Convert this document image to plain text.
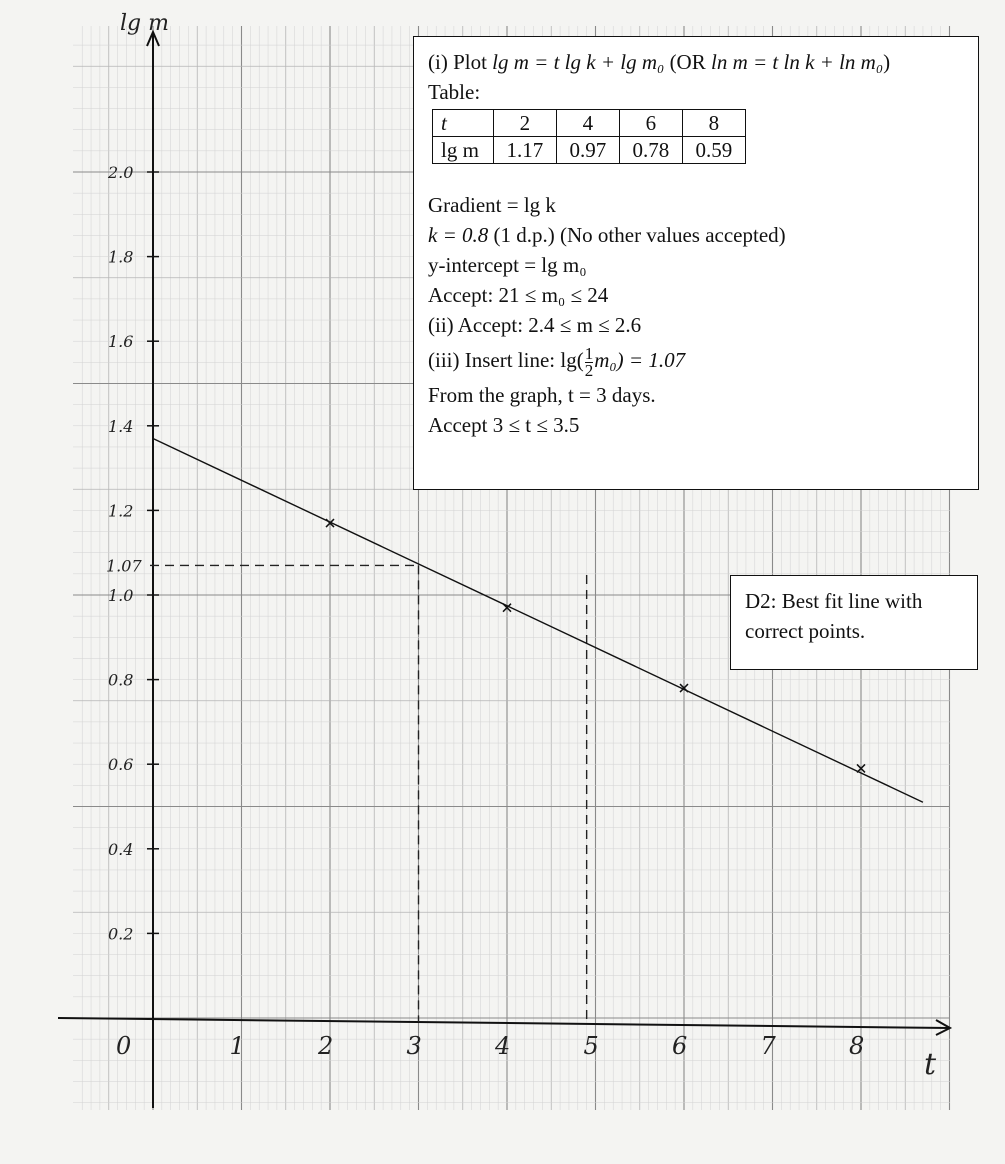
lg m
t
0	1	2	3	4	5	6	7	8
0.2
0.4
0.6
0.8
1.0
1.2
1.4
1.6
1.8
2.0
1.07
(i) Plot lg m = t lg k + lg m₀ (OR ln m = t ln k + ln m₀)
Table:
t	2	4	6	8
lg m	1.17	0.97	0.78	0.59
Gradient = lg k
k = 0.8 (1 d.p.) (No other values accepted)
y-intercept = lg m₀
Accept: 21 ≤ m₀ ≤ 24
(ii) Accept: 2.4 ≤ m ≤ 2.6
(iii) Insert line: $\lg( \frac{1}{2} m_0) = 1.07$
From the graph, t = 3 days.
Accept 3 ≤ t ≤ 3.5
D2: Best fit line with
correct points.
